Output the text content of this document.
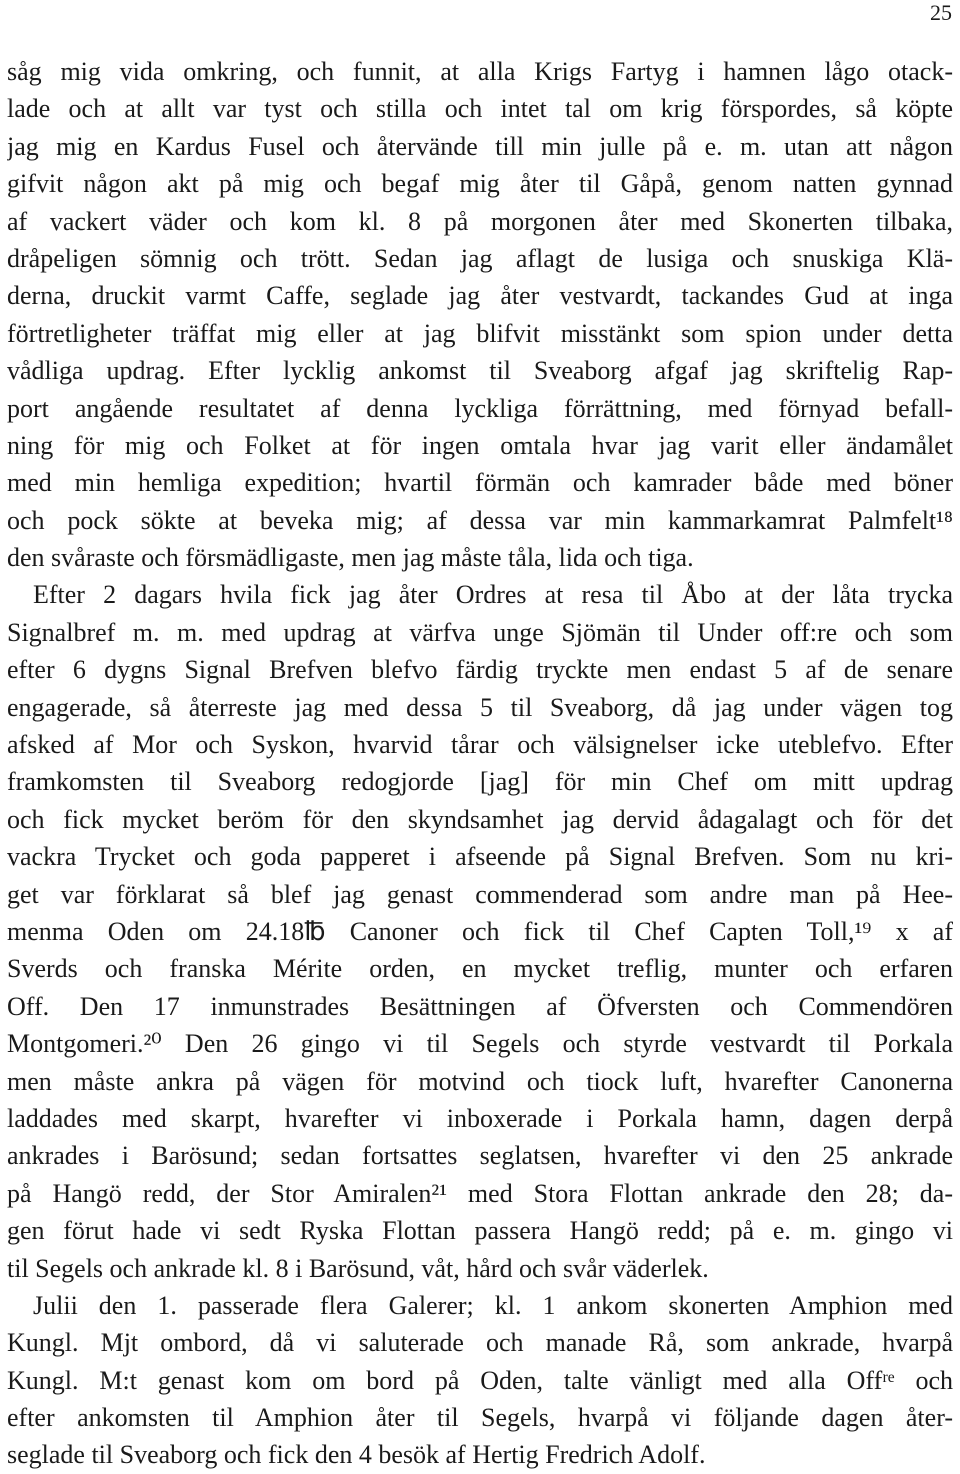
25
såg mig vida omkring, och funnit, at alla Krigs Fartyg i hamnen lågo otack-
lade och at allt var tyst och stilla och intet tal om krig förspordes, så köpte
jag mig en Kardus Fusel och återvände till min julle på e. m. utan att någon
gifvit någon akt på mig och begaf mig åter til Gåpå, genom natten gynnad
af vackert väder och kom kl. 8 på morgonen åter med Skonerten tilbaka,
dråpeligen sömnig och trött. Sedan jag aflagt de lusiga och snuskiga Klä-
derna, druckit varmt Caffe, seglade jag åter vestvardt, tackandes Gud at inga
förtretligheter träffat mig eller at jag blifvit misstänkt som spion under detta
vådliga updrag. Efter lycklig ankomst til Sveaborg afgaf jag skriftelig Rap-
port angående resultatet af denna lyckliga förrättning, med förnyad befall-
ning för mig och Folket at för ingen omtala hvar jag varit eller ändamålet
med min hemliga expedition; hvartil förmän och kamrader både med böner
och pock sökte at beveka mig; af dessa var min kammarkamrat Palmfelt¹⁸
den svåraste och försmädligaste, men jag måste tåla, lida och tiga.
Efter 2 dagars hvila fick jag åter Ordres at resa til Åbo at der låta trycka
Signalbref m. m. med updrag at värfva unge Sjömän til Under off:re och som
efter 6 dygns Signal Brefven blefvo färdig tryckte men endast 5 af de senare
engagerade, så återreste jag med dessa 5 til Sveaborg, då jag under vägen tog
afsked af Mor och Syskon, hvarvid tårar och välsignelser icke uteblefvo. Efter
framkomsten til Sveaborg redogjorde [jag] för min Chef om mitt updrag
och fick mycket beröm för den skyndsamhet jag dervid ådagalagt och för det
vackra Trycket och goda papperet i afseende på Signal Brefven. Som nu kri-
get var förklarat så blef jag genast commenderad som andre man på Hee-
menma Oden om 24.18℔ Canoner och fick til Chef Capten Toll,¹⁹ x af
Sverds och franska Mérite orden, en mycket treflig, munter och erfaren
Off. Den 17 inmunstrades Besättningen af Öfversten och Commendören
Montgomeri.²⁰ Den 26 gingo vi til Segels och styrde vestvardt til Porkala
men måste ankra på vägen för motvind och tiock luft, hvarefter Canonerna
laddades med skarpt, hvarefter vi inboxerade i Porkala hamn, dagen derpå
ankrades i Barösund; sedan fortsattes seglatsen, hvarefter vi den 25 ankrade
på Hangö redd, der Stor Amiralen²¹ med Stora Flottan ankrade den 28; da-
gen förut hade vi sedt Ryska Flottan passera Hangö redd; på e. m. gingo vi
til Segels och ankrade kl. 8 i Barösund, våt, hård och svår väderlek.
Julii den 1. passerade flera Galerer; kl. 1 ankom skonerten Amphion med
Kungl. Mjt ombord, då vi saluterade och manade Rå, som ankrade, hvarpå
Kungl. M:t genast kom om bord på Oden, talte vänligt med alla Offʳᵉ och
efter ankomsten til Amphion åter til Segels, hvarpå vi följande dagen åter-
seglade til Sveaborg och fick den 4 besök af Hertig Fredrich Adolf.
